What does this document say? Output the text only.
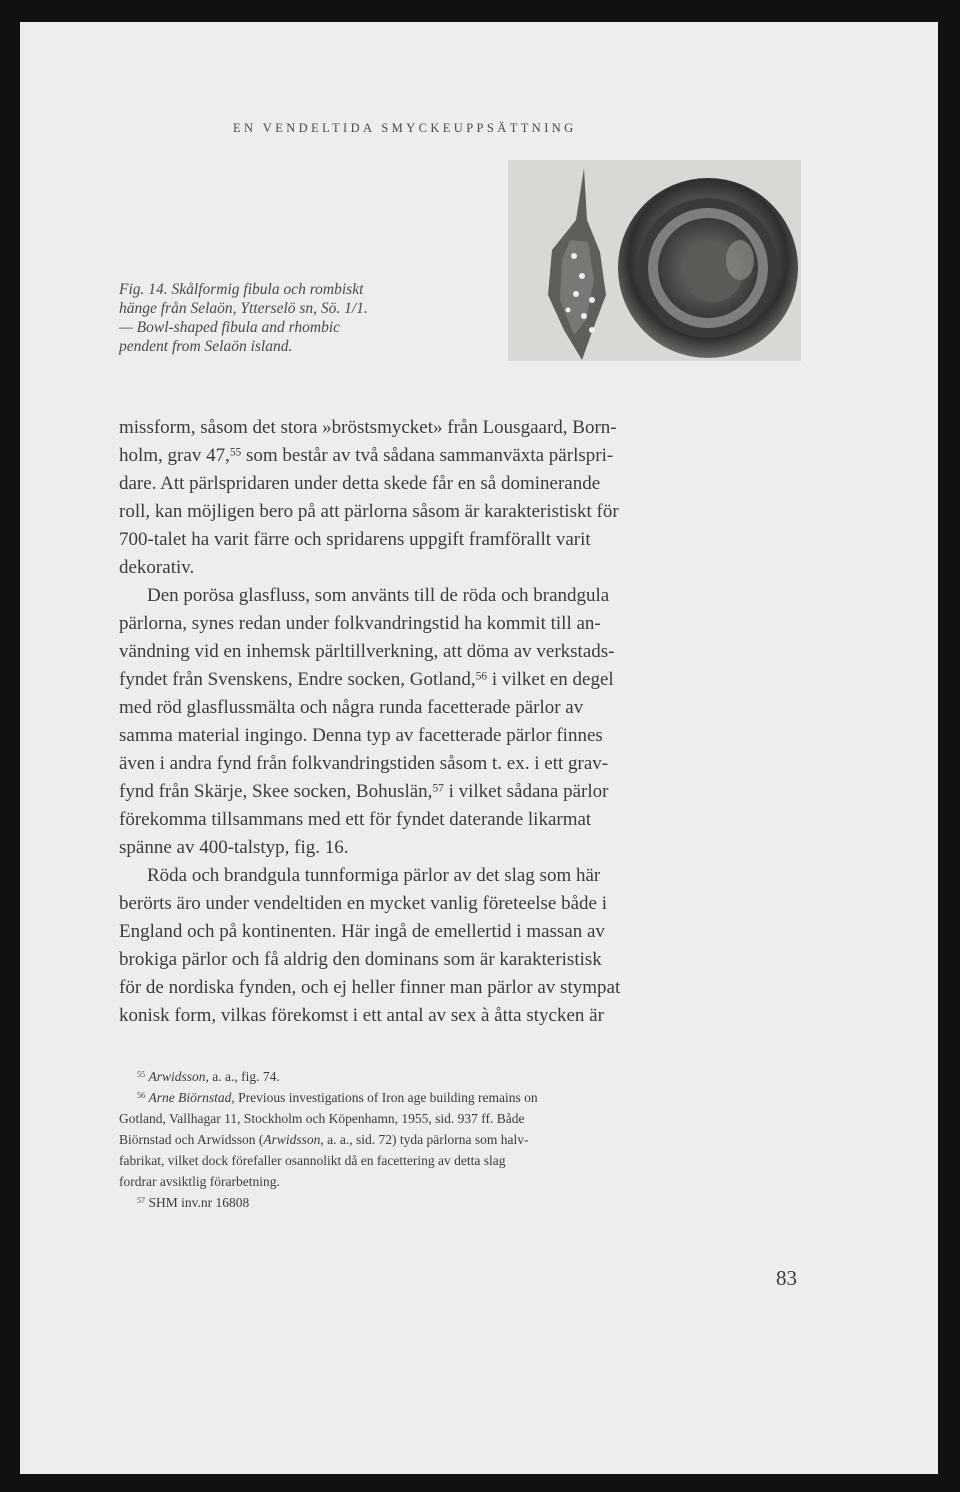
EN VENDELTIDA SMYCKEUPPSÄTTNING
Fig. 14. Skålformig fibula och rombiskt
hänge från Selaön, Ytterselö sn, Sö. 1/1.
— Bowl-shaped fibula and rhombic
pendent from Selaön island.
missform, såsom det stora »bröstsmycket» från Lousgaard, Born-
holm, grav 47,55 som består av två sådana sammanväxta pärlspri-
dare. Att pärlspridaren under detta skede får en så dominerande
roll, kan möjligen bero på att pärlorna såsom är karakteristiskt för
700-talet ha varit färre och spridarens uppgift framförallt varit
dekorativ.
Den porösa glasfluss, som använts till de röda och brandgula
pärlorna, synes redan under folkvandringstid ha kommit till an-
vändning vid en inhemsk pärltillverkning, att döma av verkstads-
fyndet från Svenskens, Endre socken, Gotland,$^{56}$ i vilket en degel
med röd glasflussmälta och några runda facetterade pärlor av
samma material ingingo. Denna typ av facetterade pärlor finnes
även i andra fynd från folkvandringstiden såsom t. ex. i ett grav-
fynd från Skärje, Skee socken, Bohuslän,$^{57}$ i vilket sådana pärlor
förekomma tillsammans med ett för fyndet daterande likarmat
spänne av 400-talstyp, fig. 16.
Röda och brandgula tunnformiga pärlor av det slag som här
berörts äro under vendeltiden en mycket vanlig företeelse både i
England och på kontinenten. Här ingå de emellertid i massan av
brokiga pärlor och få aldrig den dominans som är karakteristisk
för de nordiska fynden, och ej heller finner man pärlor av stympat
konisk form, vilkas förekomst i ett antal av sex à åtta stycken är
$^{55}$ Arwidsson, a. a., fig. 74.
$^{56}$ Arne Biörnstad, Previous investigations of Iron age building remains on
Gotland, Vallhagar 11, Stockholm och Köpenhamn, 1955, sid. 937 ff. Både
Biörnstad och Arwidsson (Arwidsson, a. a., sid. 72) tyda pärlorna som halv-
fabrikat, vilket dock förefaller osannolikt då en facettering av detta slag
fordrar avsiktlig förarbetning.
$^{57}$ SHM inv.nr 16808
83
